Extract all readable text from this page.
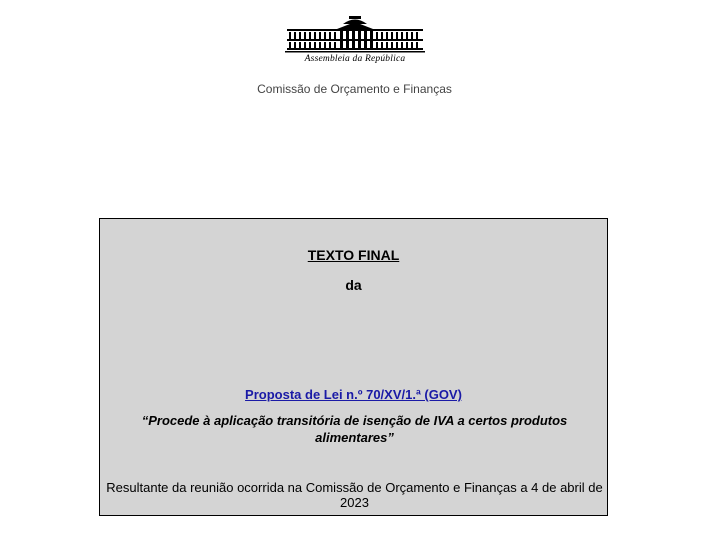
Assembleia da República
Comissão de Orçamento e Finanças
TEXTO FINAL
da
Proposta de Lei n.º 70/XV/1.ª (GOV)
“Procede à aplicação transitória de isenção de IVA a certos produtos alimentares”
Resultante da reunião ocorrida na Comissão de Orçamento e Finanças a 4 de abril de 2023
